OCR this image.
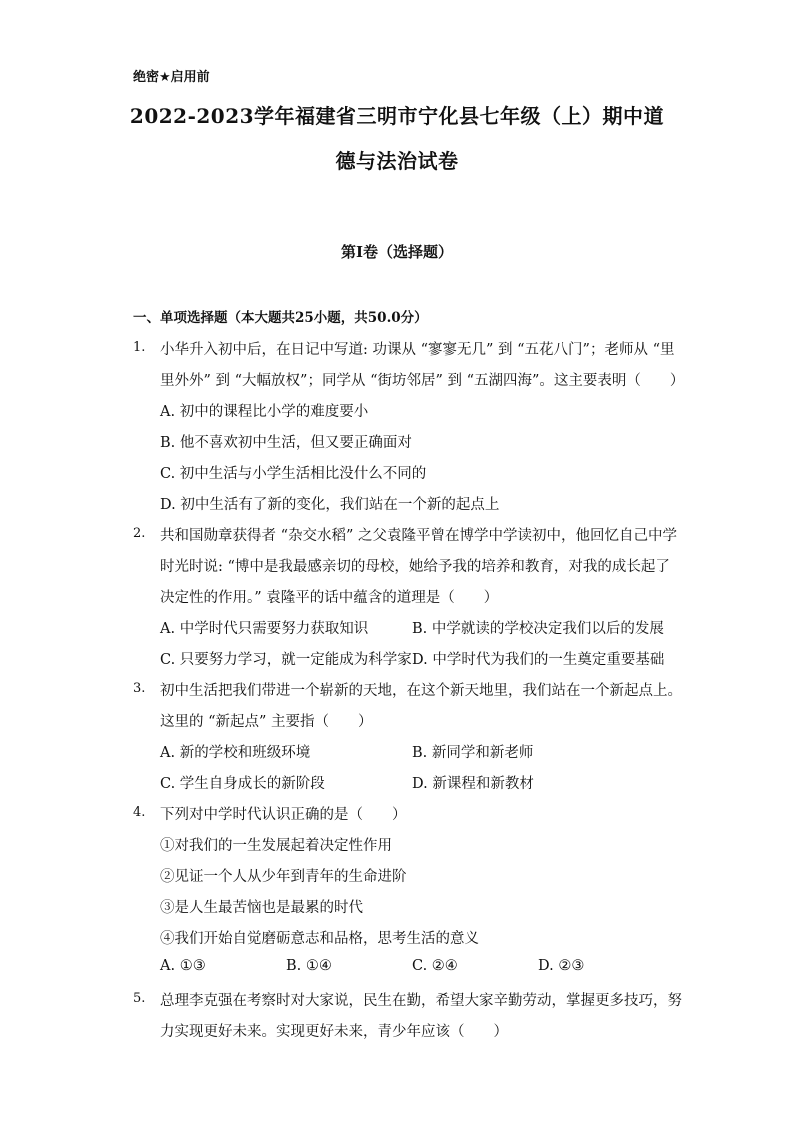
绝密★启用前
2022-2023学年福建省三明市宁化县七年级（上）期中道
德与法治试卷
第I卷（选择题）
一、单项选择题（本大题共25小题，共50.0分）
1.	小华升入初中后，在日记中写道: 功课从 “寥寥无几” 到 “五花八门”；老师从 “里
里外外” 到 “大幅放权”；同学从 “街坊邻居” 到 “五湖四海”。这主要表明（　　）
A. 初中的课程比小学的难度要小
B. 他不喜欢初中生活，但又要正确面对
C. 初中生活与小学生活相比没什么不同的
D. 初中生活有了新的变化，我们站在一个新的起点上
2.	共和国勋章获得者 “杂交水稻” 之父袁隆平曾在博学中学读初中，他回忆自己中学
时光时说: “博中是我最感亲切的母校，她给予我的培养和教育，对我的成长起了
决定性的作用。” 袁隆平的话中蕴含的道理是（　　）
A. 中学时代只需要努力获取知识	B. 中学就读的学校决定我们以后的发展
C. 只要努力学习，就一定能成为科学家 D. 中学时代为我们的一生奠定重要基础
3.	初中生活把我们带进一个崭新的天地，在这个新天地里，我们站在一个新起点上。
这里的 “新起点” 主要指（　　）
A. 新的学校和班级环境	B. 新同学和新老师
C. 学生自身成长的新阶段	D. 新课程和新教材
4.	下列对中学时代认识正确的是（　　）
①对我们的一生发展起着决定性作用
②见证一个人从少年到青年的生命进阶
③是人生最苦恼也是最累的时代
④我们开始自觉磨砺意志和品格，思考生活的意义
A. ①③	B. ①④	C. ②④	D. ②③
5.	总理李克强在考察时对大家说，民生在勤，希望大家辛勤劳动，掌握更多技巧，努
力实现更好未来。实现更好未来，青少年应该（　　）
